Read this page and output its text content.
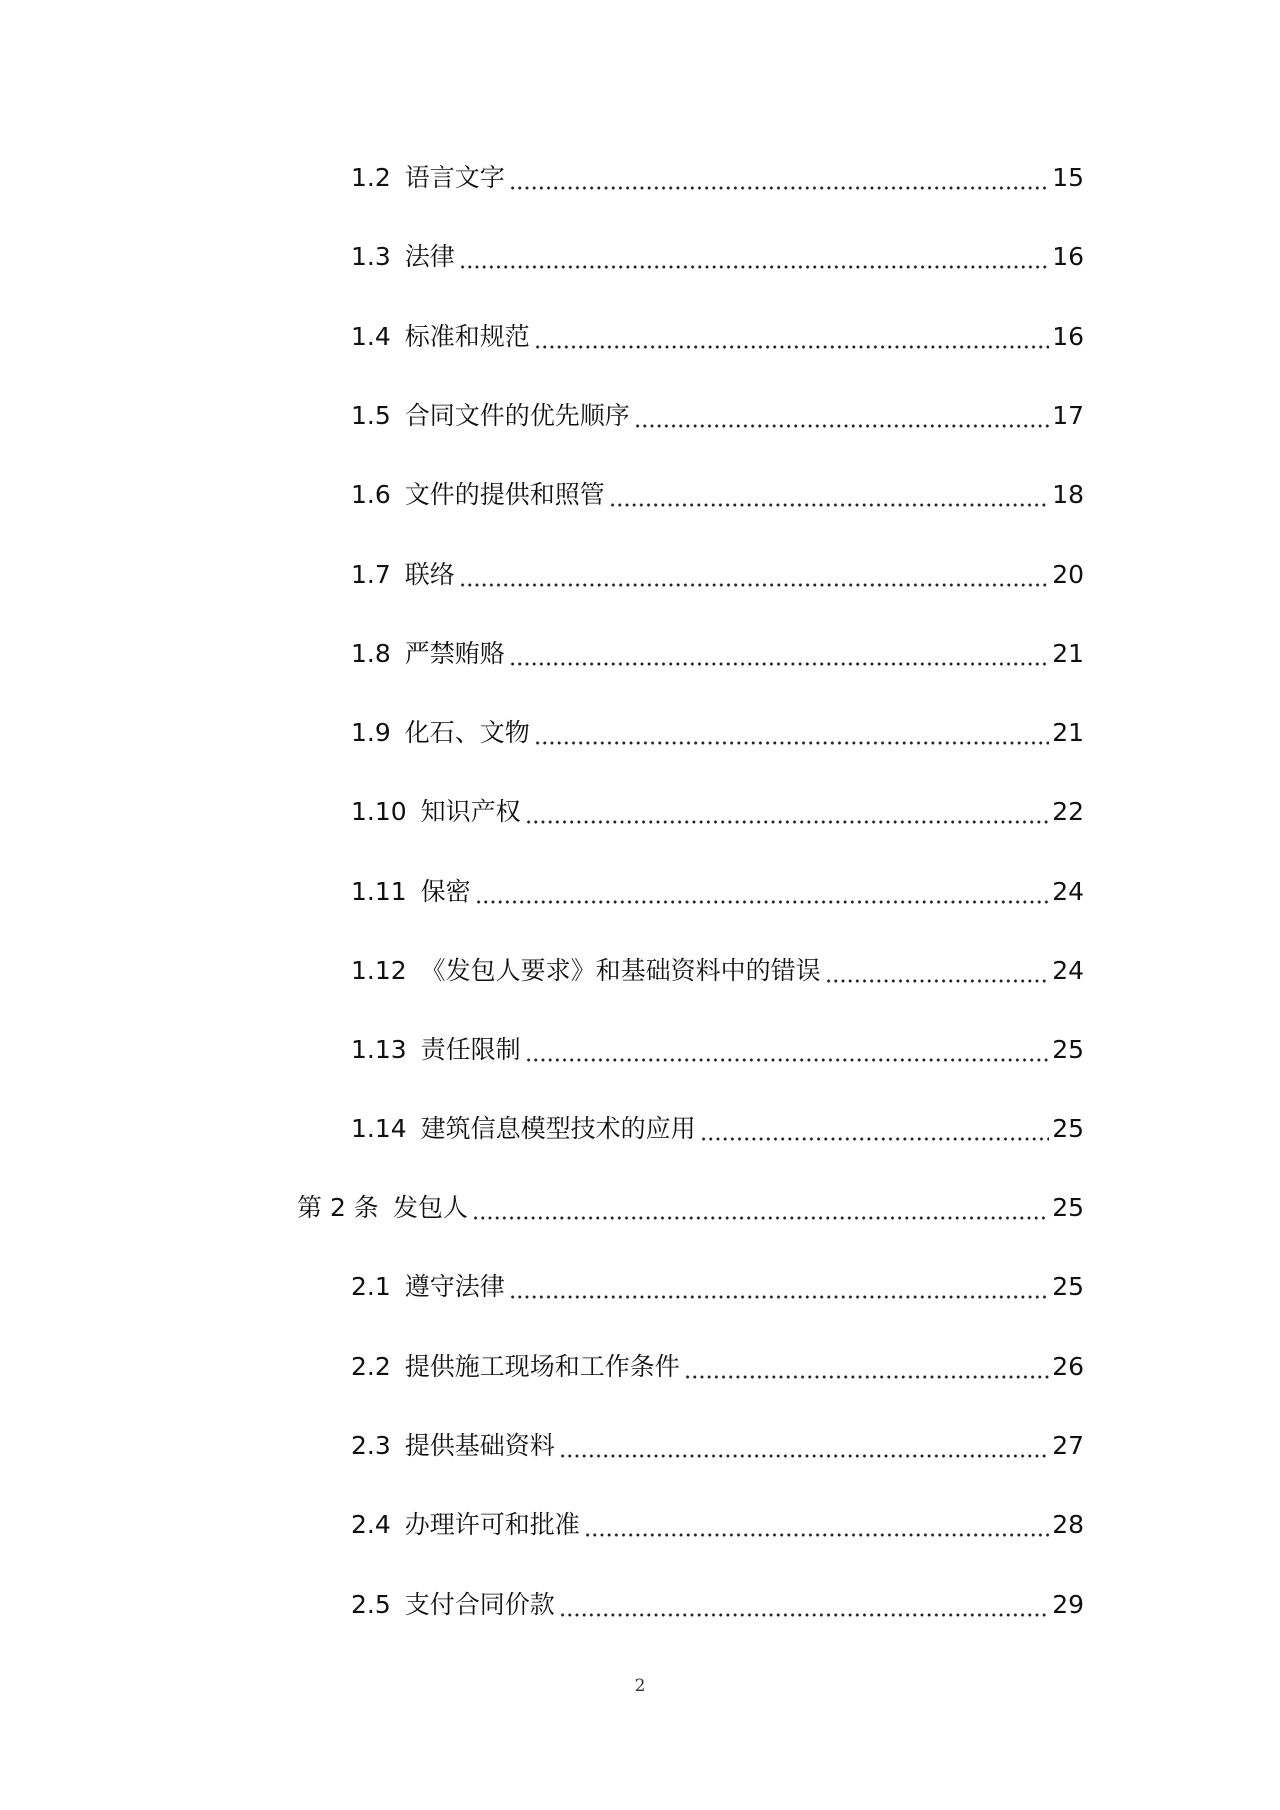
1.2 语言文字	15
1.3 法律	16
1.4 标准和规范	16
1.5 合同文件的优先顺序	17
1.6 文件的提供和照管	18
1.7 联络	20
1.8 严禁贿赂	21
1.9 化石、文物	21
1.10 知识产权	22
1.11 保密	24
1.12 《发包人要求》和基础资料中的错误	24
1.13 责任限制	25
1.14 建筑信息模型技术的应用	25
第 2 条 发包人	25
2.1 遵守法律	25
2.2 提供施工现场和工作条件	26
2.3 提供基础资料	27
2.4 办理许可和批准	28
2.5 支付合同价款	29
2
